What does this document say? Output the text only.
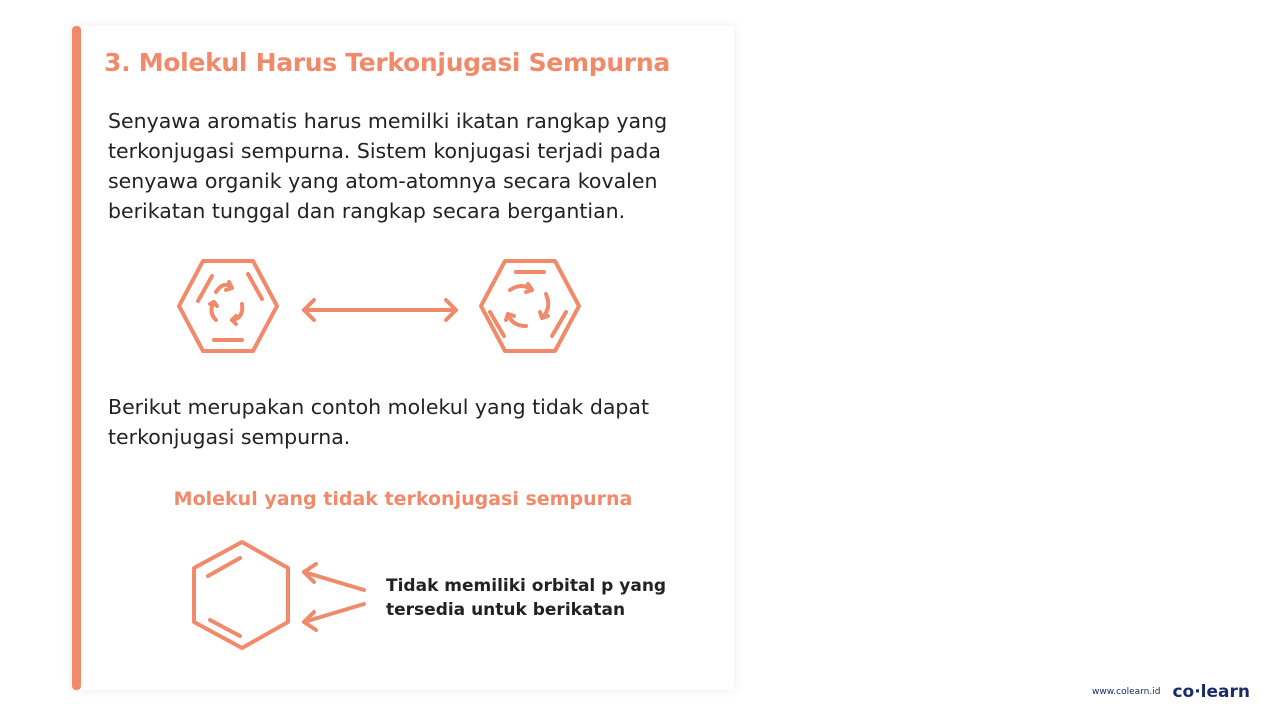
3. Molekul Harus Terkonjugasi Sempurna

Senyawa aromatis harus memilki ikatan rangkap yang terkonjugasi sempurna. Sistem konjugasi terjadi pada senyawa organik yang atom-atomnya secara kovalen berikatan tunggal dan rangkap secara bergantian.

Berikut merupakan contoh molekul yang tidak dapat terkonjugasi sempurna.

Molekul yang tidak terkonjugasi sempurna

Tidak memiliki orbital p yang
tersedia untuk berikatan

www.colearn.id co·learn
